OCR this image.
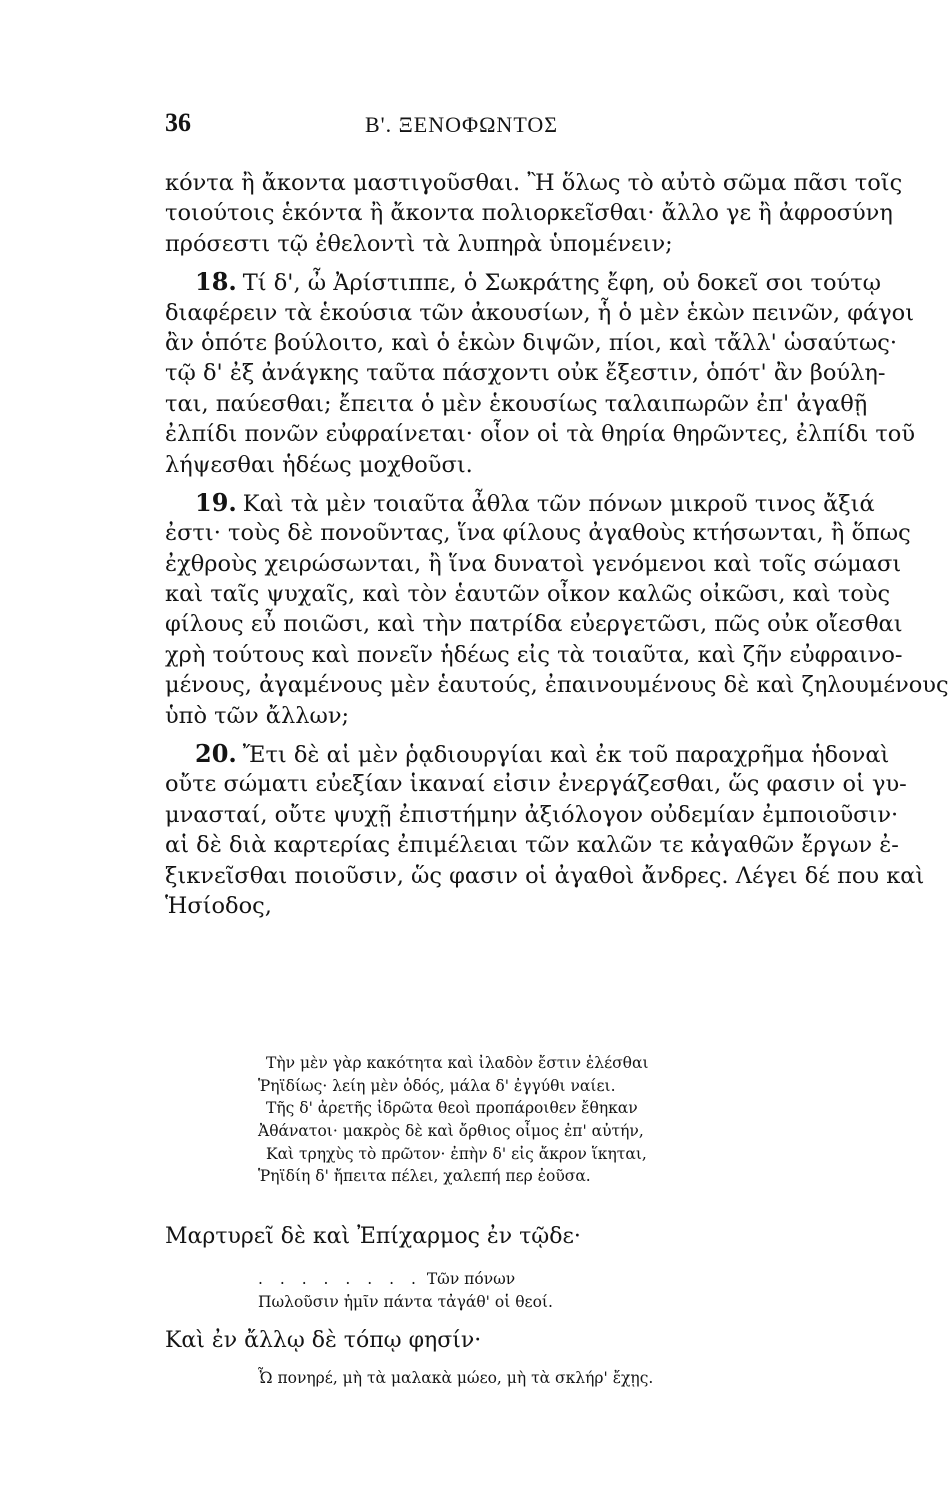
36	Β'. ΞΕΝΟΦΩΝΤΟΣ
κόντα ἢ ἄκοντα μαστιγοῦσθαι. Ἢ ὅλως τὸ αὐτὸ σῶμα πᾶσι τοῖς
τοιούτοις ἑκόντα ἢ ἄκοντα πολιορκεῖσθαι· ἄλλο γε ἢ ἀφροσύνη
πρόσεστι τῷ ἐθελοντὶ τὰ λυπηρὰ ὑπομένειν;
18. Τί δ', ὦ Ἀρίστιππε, ὁ Σωκράτης ἔφη, οὐ δοκεῖ σοι τούτῳ
διαφέρειν τὰ ἑκούσια τῶν ἀκουσίων, ἧ ὁ μὲν ἑκὼν πεινῶν, φάγοι
ἂν ὁπότε βούλοιτο, καὶ ὁ ἑκὼν διψῶν, πίοι, καὶ τἄλλ' ὡσαύτως·
τῷ δ' ἐξ ἀνάγκης ταῦτα πάσχοντι οὐκ ἔξεστιν, ὁπότ' ἂν βούλη-
ται, παύεσθαι; ἔπειτα ὁ μὲν ἑκουσίως ταλαιπωρῶν ἐπ' ἀγαθῇ
ἐλπίδι πονῶν εὐφραίνεται· οἷον οἱ τὰ θηρία θηρῶντες, ἐλπίδι τοῦ
λήψεσθαι ἡδέως μοχθοῦσι.
19. Καὶ τὰ μὲν τοιαῦτα ἆθλα τῶν πόνων μικροῦ τινος ἄξιά
ἐστι· τοὺς δὲ πονοῦντας, ἵνα φίλους ἀγαθοὺς κτήσωνται, ἢ ὅπως
ἐχθροὺς χειρώσωνται, ἢ ἵνα δυνατοὶ γενόμενοι καὶ τοῖς σώμασι
καὶ ταῖς ψυχαῖς, καὶ τὸν ἑαυτῶν οἶκον καλῶς οἰκῶσι, καὶ τοὺς
φίλους εὖ ποιῶσι, καὶ τὴν πατρίδα εὐεργετῶσι, πῶς οὐκ οἴεσθαι
χρὴ τούτους καὶ πονεῖν ἡδέως εἰς τὰ τοιαῦτα, καὶ ζῆν εὐφραινο-
μένους, ἀγαμένους μὲν ἑαυτούς, ἐπαινουμένους δὲ καὶ ζηλουμένους
ὑπὸ τῶν ἄλλων;
20. Ἔτι δὲ αἱ μὲν ῥᾳδιουργίαι καὶ ἐκ τοῦ παραχρῆμα ἡδοναὶ
οὔτε σώματι εὐεξίαν ἱκαναί εἰσιν ἐνεργάζεσθαι, ὥς φασιν οἱ γυ-
μνασταί, οὔτε ψυχῇ ἐπιστήμην ἀξιόλογον οὐδεμίαν ἐμποιοῦσιν·
αἱ δὲ διὰ καρτερίας ἐπιμέλειαι τῶν καλῶν τε κἀγαθῶν ἔργων ἐ-
ξικνεῖσθαι ποιοῦσιν, ὥς φασιν οἱ ἀγαθοὶ ἄνδρες. Λέγει δέ που καὶ
Ἡσίοδος,
Τὴν μὲν γὰρ κακότητα καὶ ἰλαδὸν ἔστιν ἑλέσθαι
Ῥηϊδίως· λείη μὲν ὁδός, μάλα δ' ἐγγύθι ναίει.
Τῆς δ' ἀρετῆς ἱδρῶτα θεοὶ προπάροιθεν ἔθηκαν
Ἀθάνατοι· μακρὸς δὲ καὶ ὄρθιος οἶμος ἐπ' αὐτήν,
Καὶ τρηχὺς τὸ πρῶτον· ἐπὴν δ' εἰς ἄκρον ἵκηται,
Ῥηϊδίη δ' ἤπειτα πέλει, χαλεπή περ ἐοῦσα.
Μαρτυρεῖ δὲ καὶ Ἐπίχαρμος ἐν τῷδε·
. . . . . . . . Τῶν πόνων
Πωλοῦσιν ἡμῖν πάντα τἀγάθ' οἱ θεοί.
Καὶ ἐν ἄλλῳ δὲ τόπῳ φησίν·
Ὦ πονηρέ, μὴ τὰ μαλακὰ μώεο, μὴ τὰ σκλήρ' ἔχῃς.
